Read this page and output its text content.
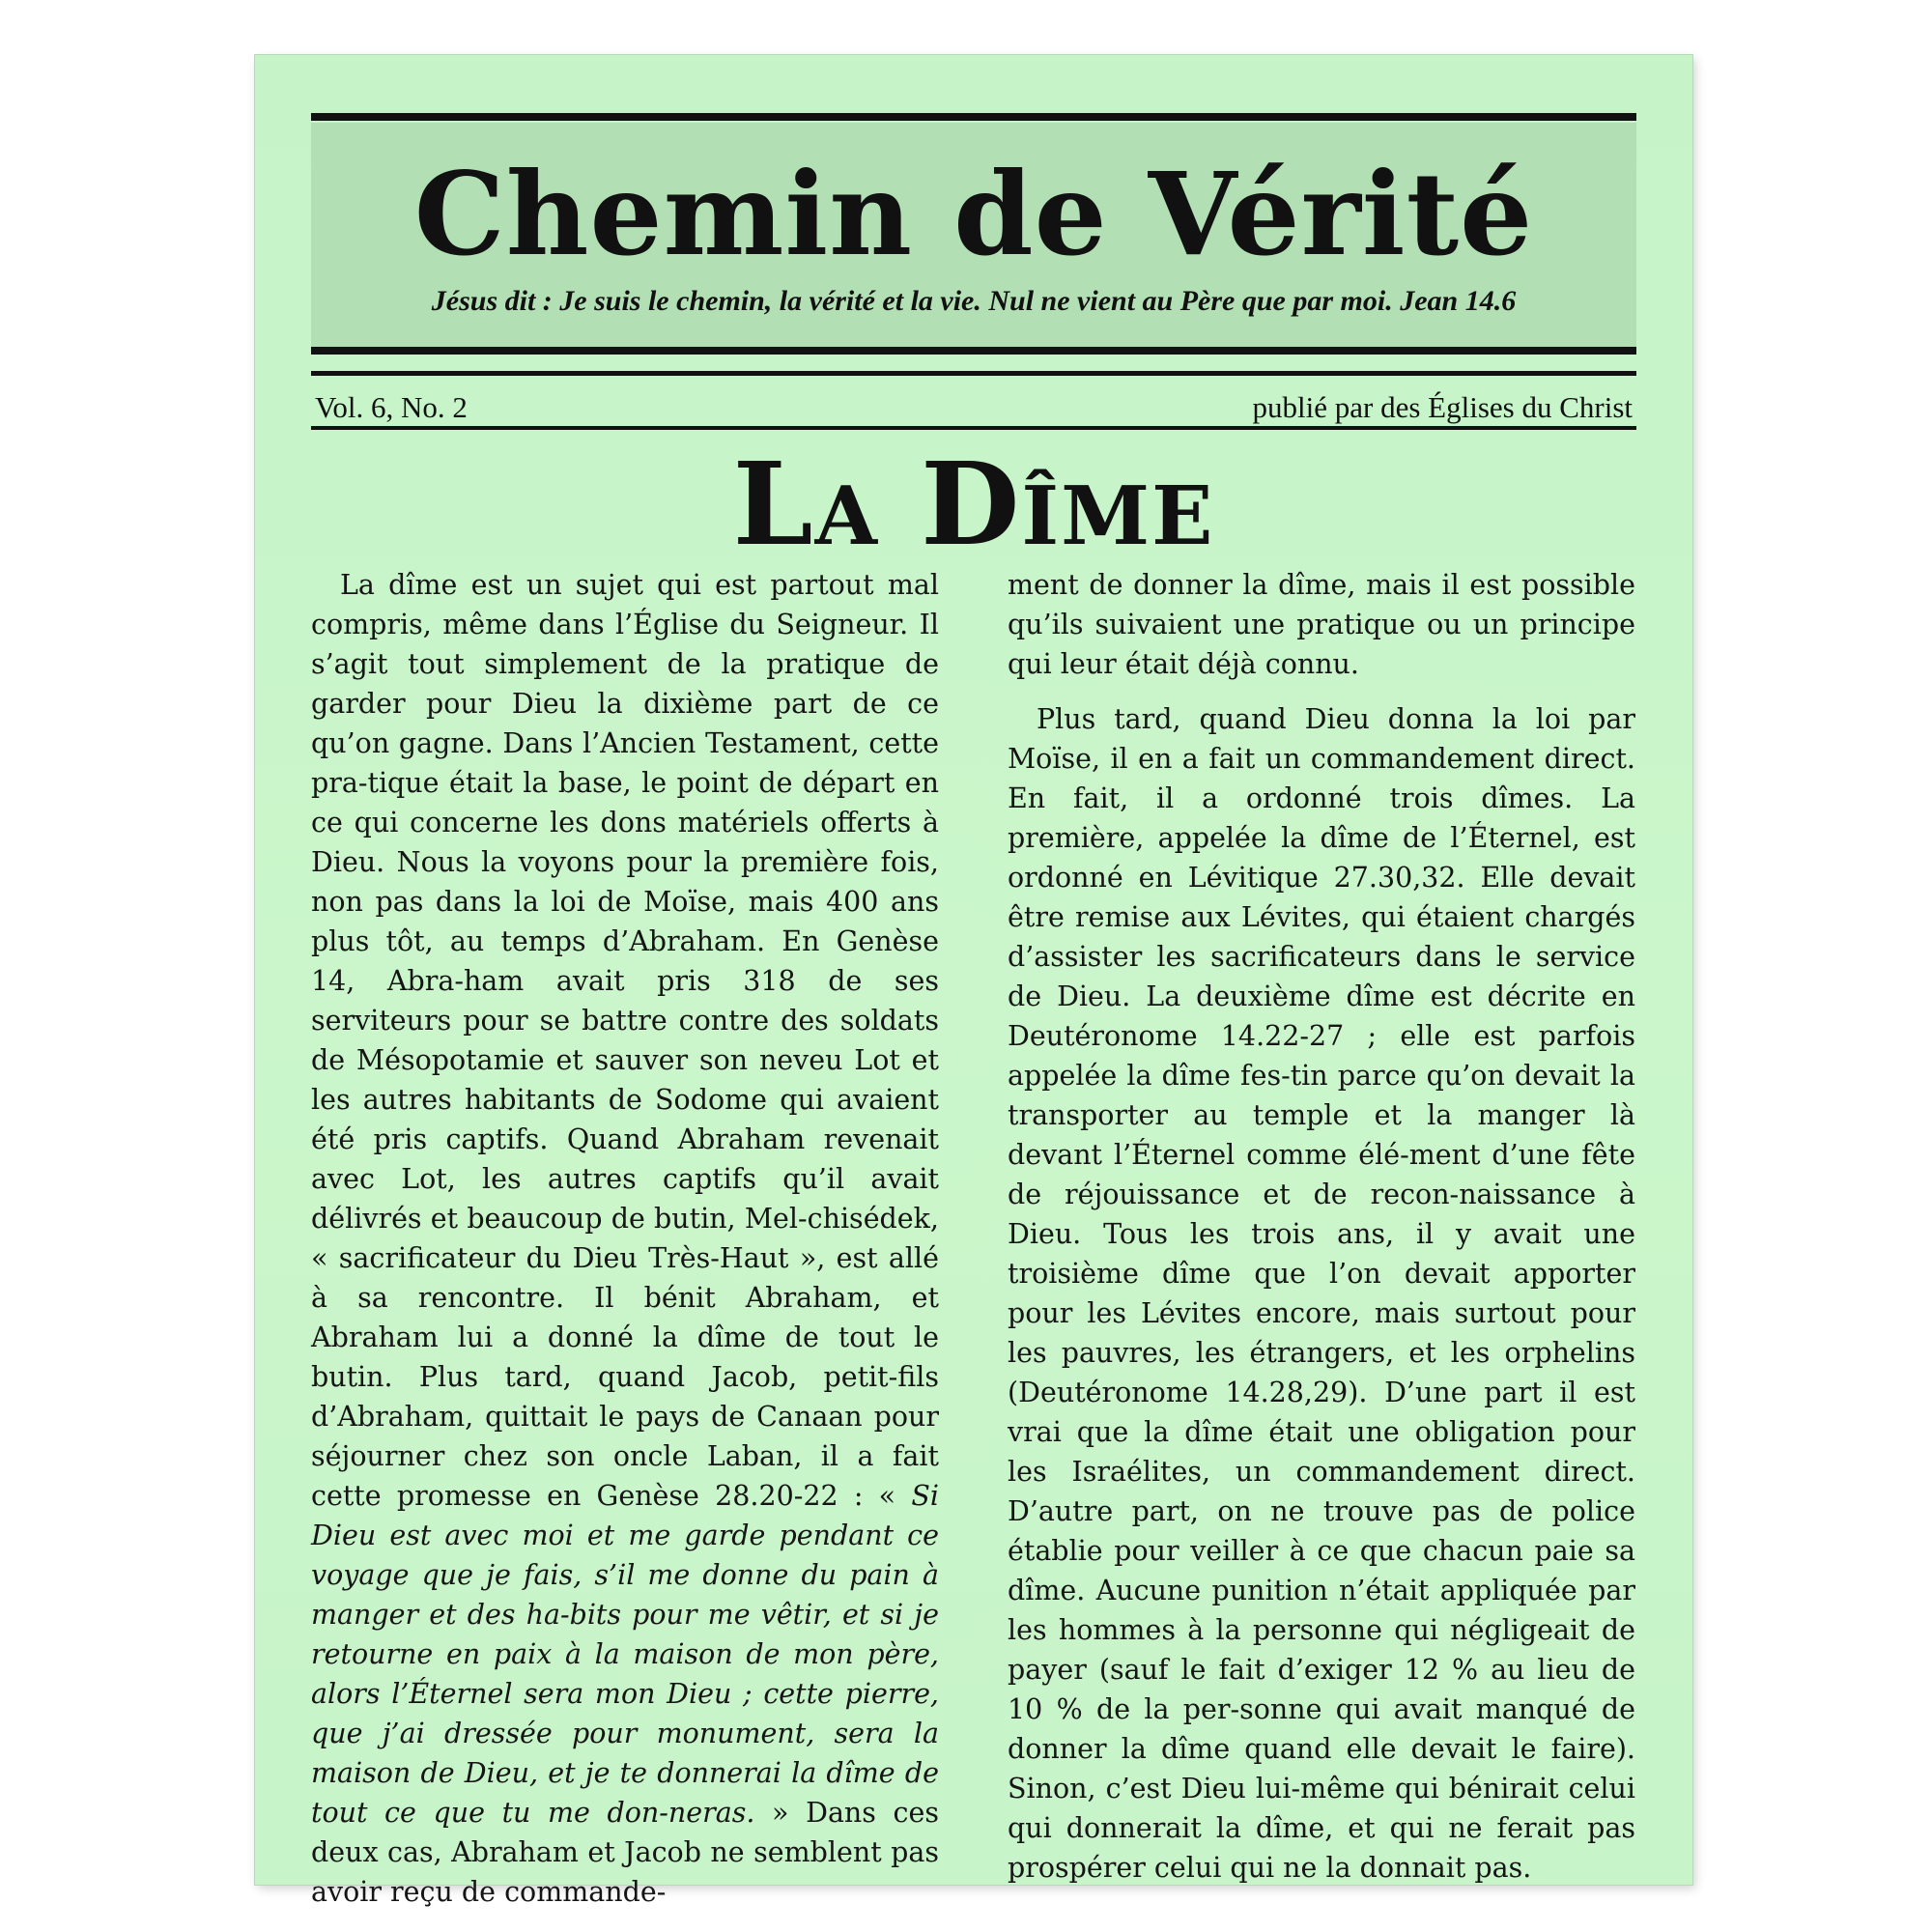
Chemin de Vérité
Jésus dit : Je suis le chemin, la vérité et la vie. Nul ne vient au Père que par moi. Jean 14.6
Vol. 6, No. 2	publié par des Églises du Christ
La Dîme

La dîme est un sujet qui est partout mal compris, même dans l’Église du Seigneur. Il s’agit tout simplement de la pratique de garder pour Dieu la dixième part de ce qu’on gagne. Dans l’Ancien Testament, cette pra-tique était la base, le point de départ en ce qui concerne les dons matériels offerts à Dieu. Nous la voyons pour la première fois, non pas dans la loi de Moïse, mais 400 ans plus tôt, au temps d’Abraham. En Genèse 14, Abra-ham avait pris 318 de ses serviteurs pour se battre contre des soldats de Mésopotamie et sauver son neveu Lot et les autres habitants de Sodome qui avaient été pris captifs. Quand Abraham revenait avec Lot, les autres captifs qu’il avait délivrés et beaucoup de butin, Mel-chisédek, « sacrificateur du Dieu Très-Haut », est allé à sa rencontre. Il bénit Abraham, et Abraham lui a donné la dîme de tout le butin. Plus tard, quand Jacob, petit-fils d’Abraham, quittait le pays de Canaan pour séjourner chez son oncle Laban, il a fait cette promesse en Genèse 28.20-22 : « Si Dieu est avec moi et me garde pendant ce voyage que je fais, s’il me donne du pain à manger et des ha-bits pour me vêtir, et si je retourne en paix à la maison de mon père, alors l’Éternel sera mon Dieu ; cette pierre, que j’ai dressée pour monument, sera la maison de Dieu, et je te donnerai la dîme de tout ce que tu me don-neras. » Dans ces deux cas, Abraham et Jacob ne semblent pas avoir reçu de commande-

ment de donner la dîme, mais il est possible qu’ils suivaient une pratique ou un principe qui leur était déjà connu.

Plus tard, quand Dieu donna la loi par Moïse, il en a fait un commandement direct. En fait, il a ordonné trois dîmes. La première, appelée la dîme de l’Éternel, est ordonné en Lévitique 27.30,32. Elle devait être remise aux Lévites, qui étaient chargés d’assister les sacrificateurs dans le service de Dieu. La deuxième dîme est décrite en Deutéronome 14.22-27 ; elle est parfois appelée la dîme fes-tin parce qu’on devait la transporter au temple et la manger là devant l’Éternel comme élé-ment d’une fête de réjouissance et de recon-naissance à Dieu. Tous les trois ans, il y avait une troisième dîme que l’on devait apporter pour les Lévites encore, mais surtout pour les pauvres, les étrangers, et les orphelins (Deutéronome 14.28,29). D’une part il est vrai que la dîme était une obligation pour les Israélites, un commandement direct. D’autre part, on ne trouve pas de police établie pour veiller à ce que chacun paie sa dîme. Aucune punition n’était appliquée par les hommes à la personne qui négligeait de payer (sauf le fait d’exiger 12 % au lieu de 10 % de la per-sonne qui avait manqué de donner la dîme quand elle devait le faire). Sinon, c’est Dieu lui-même qui bénirait celui qui donnerait la dîme, et qui ne ferait pas prospérer celui qui ne la donnait pas.
